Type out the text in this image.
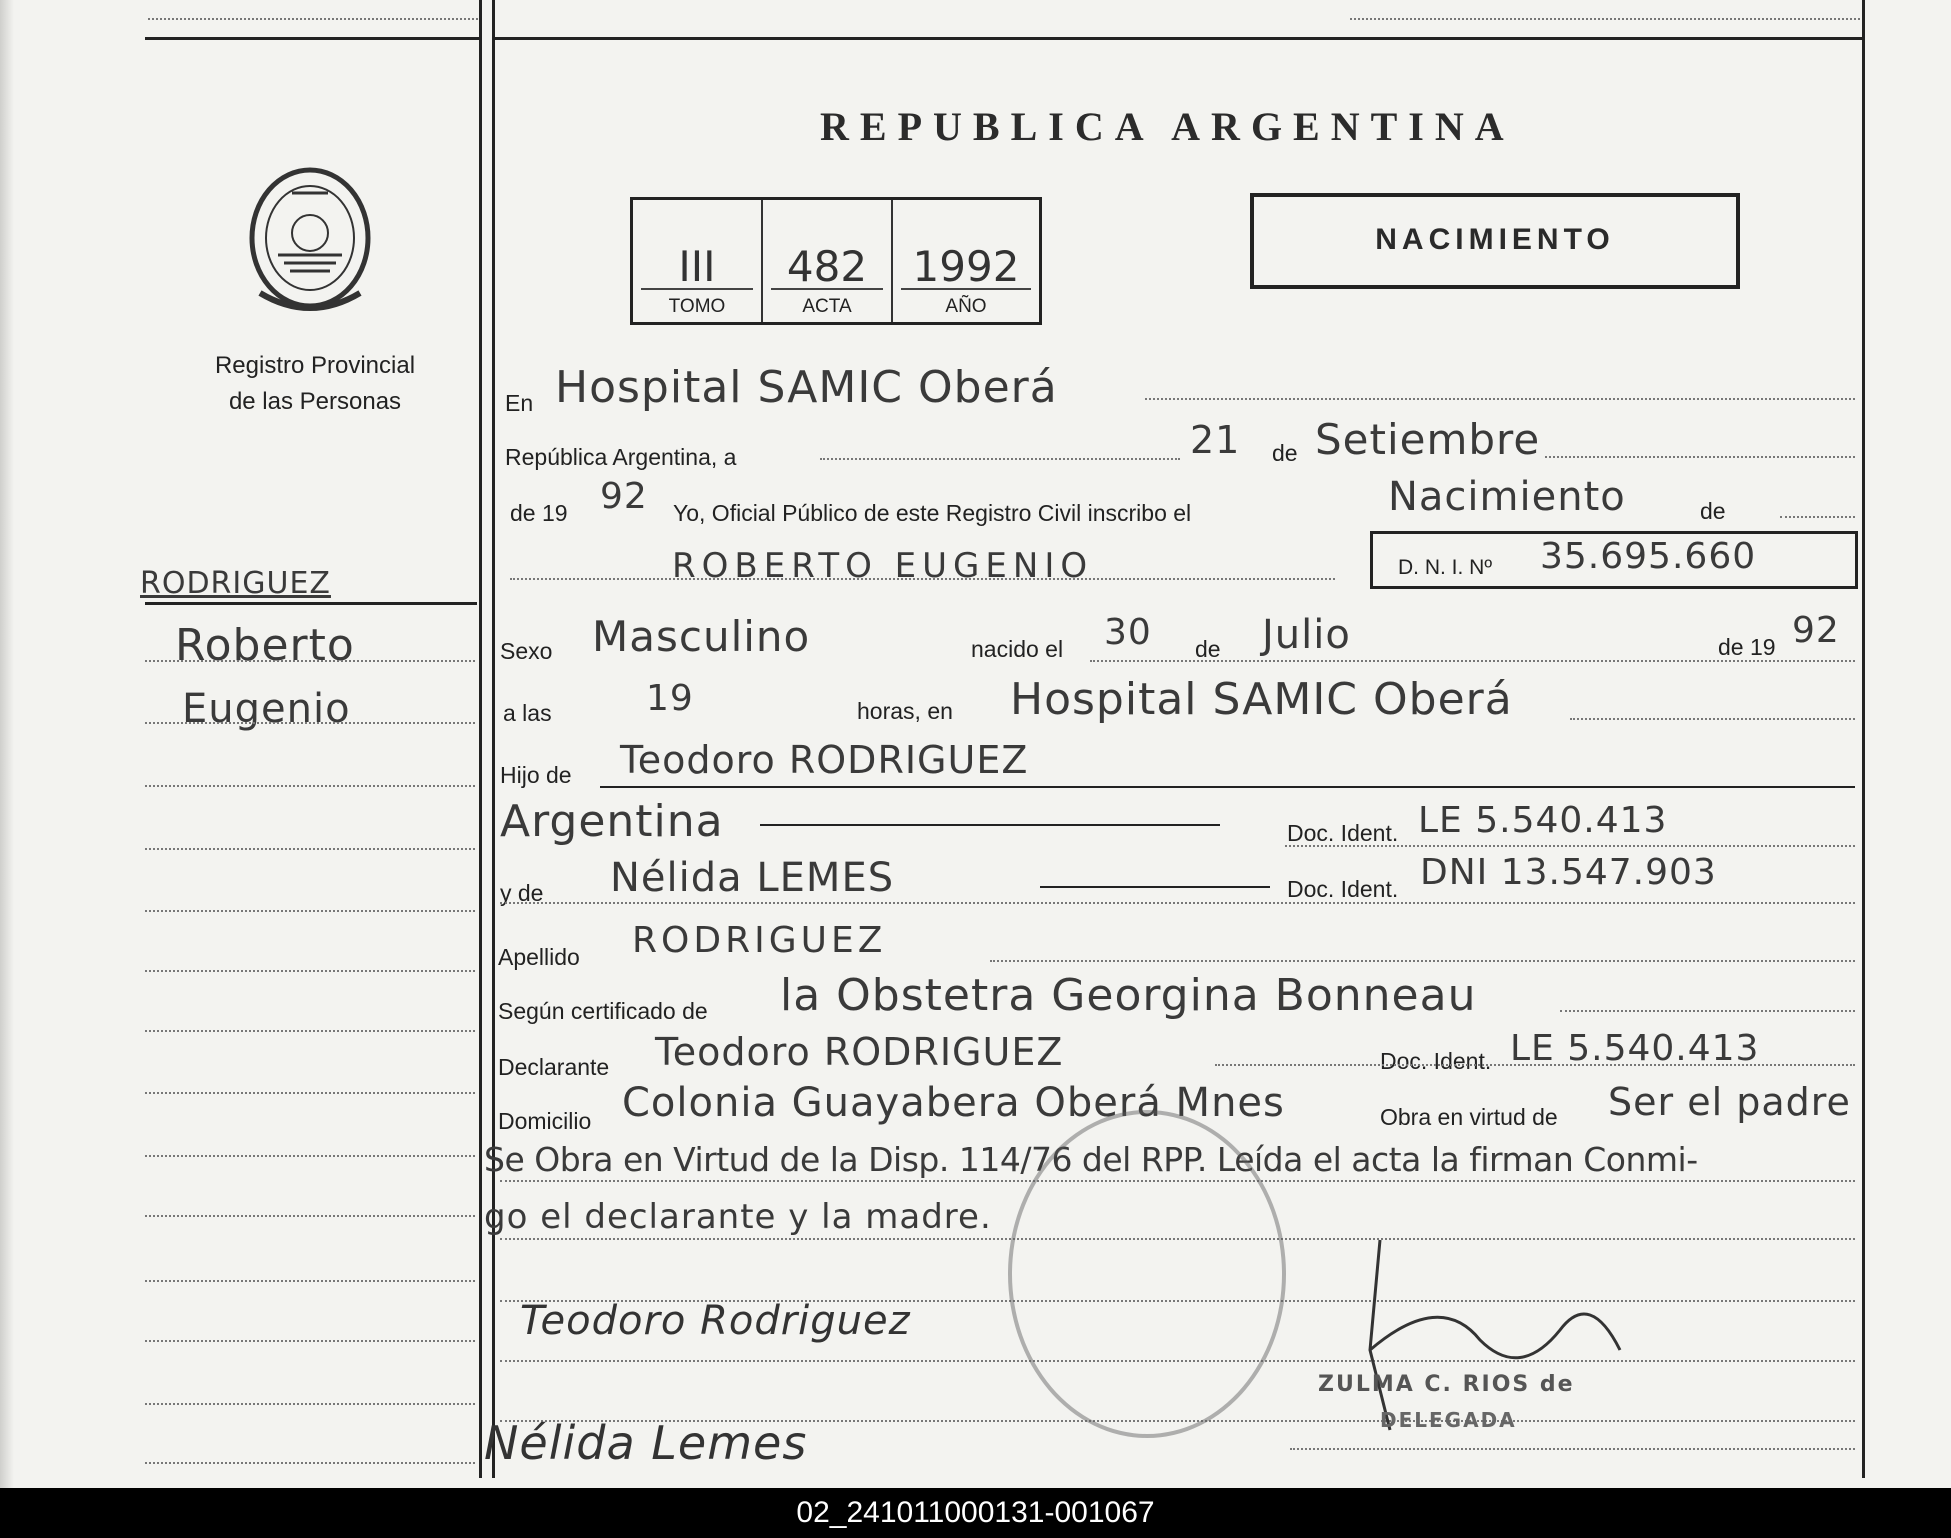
REPUBLICA ARGENTINA
III
TOMO
482
ACTA
1992
AÑO
NACIMIENTO
Registro Provincial
de las Personas
RODRIGUEZ
Roberto
Eugenio
En Hospital SAMIC Oberá
República Argentina, a	21 de Setiembre
de 19 92 Yo, Oficial Público de este Registro Civil inscribo el	Nacimiento	de
ROBERTO EUGENIO	D. N. I. Nº 35.695.660
Sexo Masculino	nacido el 30 de Julio	de 19 92
a las	19	horas, en Hospital SAMIC Oberá
Hijo de Teodoro RODRIGUEZ
Argentina	Doc. Ident. LE 5.540.413
y de Nélida LEMES	Doc. Ident. DNI 13.547.903
Apellido RODRIGUEZ
Según certificado de la Obstetra Georgina Bonneau
Declarante Teodoro RODRIGUEZ	Doc. Ident. LE 5.540.413
Domicilio Colonia Guayabera Oberá Mnes	Obra en virtud de Ser el padre
Se Obra en Virtud de la Disp. 114/76 del RPP. Leída el acta la firman Conmi-
go el declarante y la madre.
Teodoro Rodriguez
Nélida Lemes
ZULMA C. RIOS de
DELEGADA
02_241011000131-001067
